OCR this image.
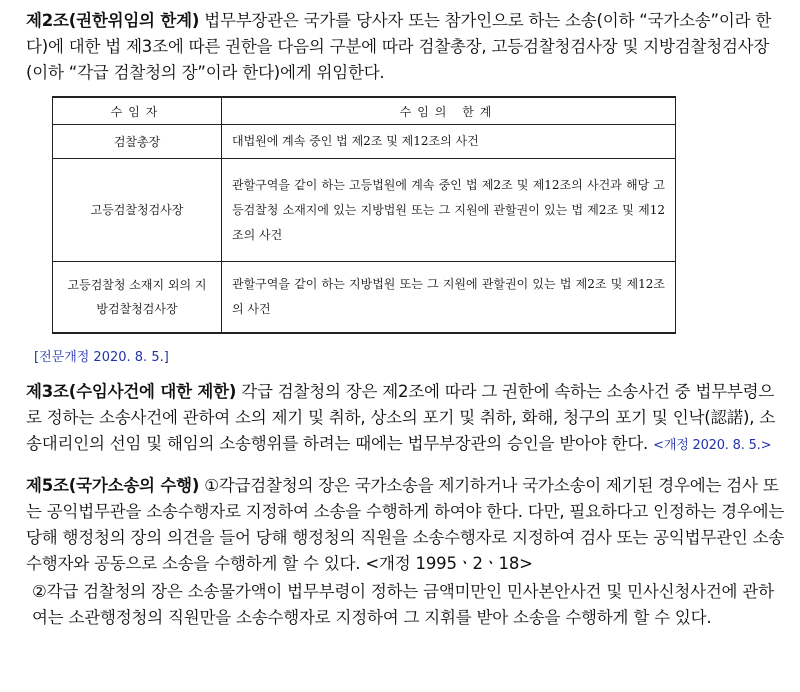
제2조(권한위임의 한계) 법무부장관은 국가를 당사자 또는 참가인으로 하는 소송(이하 “국가소송”이라 한다)에 대한 법 제3조에 따른 권한을 다음의 구분에 따라 검찰총장, 고등검찰청검사장 및 지방검찰청검사장(이하 “각급 검찰청의 장”이라 한다)에게 위임한다.

수임자	수임의 한계
검찰총장	대법원에 계속 중인 법 제2조 및 제12조의 사건
고등검찰청검사장	관할구역을 같이 하는 고등법원에 계속 중인 법 제2조 및 제12조의 사건과 해당 고등검찰청 소재지에 있는 지방법원 또는 그 지원에 관할권이 있는 법 제2조 및 제12조의 사건
고등검찰청 소재지 외의 지방검찰청검사장	관할구역을 같이 하는 지방법원 또는 그 지원에 관할권이 있는 법 제2조 및 제12조의 사건
[전문개정 2020. 8. 5.]

제3조(수임사건에 대한 제한) 각급 검찰청의 장은 제2조에 따라 그 권한에 속하는 소송사건 중 법무부령으로 정하는 소송사건에 관하여 소의 제기 및 취하, 상소의 포기 및 취하, 화해, 청구의 포기 및 인낙(認諾), 소송대리인의 선임 및 해임의 소송행위를 하려는 때에는 법무부장관의 승인을 받아야 한다. <개정 2020. 8. 5.>

제5조(국가소송의 수행) ①각급검찰청의 장은 국가소송을 제기하거나 국가소송이 제기된 경우에는 검사 또는 공익법무관을 소송수행자로 지정하여 소송을 수행하게 하여야 한다. 다만, 필요하다고 인정하는 경우에는 당해 행정청의 장의 의견을 들어 당해 행정청의 직원을 소송수행자로 지정하여 검사 또는 공익법무관인 소송수행자와 공동으로 소송을 수행하게 할 수 있다. <개정 1995ㆍ2ㆍ18>

②각급 검찰청의 장은 소송물가액이 법무부령이 정하는 금액미만인 민사본안사건 및 민사신청사건에 관하여는 소관행정청의 직원만을 소송수행자로 지정하여 그 지휘를 받아 소송을 수행하게 할 수 있다.
